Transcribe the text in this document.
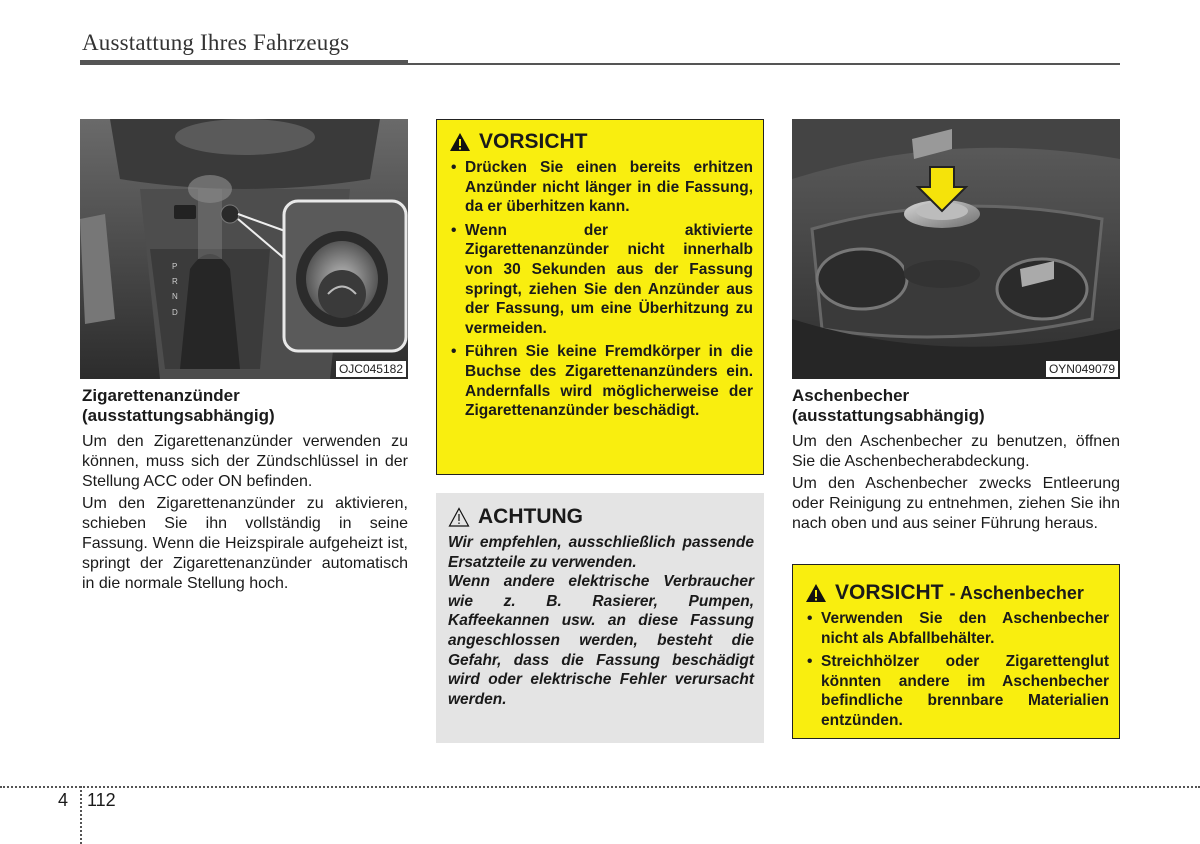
Ausstattung Ihres Fahrzeugs
P
R
N
D
OJC045182
Zigarettenanzünder
(ausstattungsabhängig)
Um den Zigarettenanzünder verwenden zu können, muss sich der Zündschlüssel in der Stellung ACC oder ON befinden.
Um den Zigarettenanzünder zu aktivieren, schieben Sie ihn vollständig in seine Fassung. Wenn die Heizspirale aufgeheizt ist, springt der Zigarettenanzünder automatisch in die normale Stellung hoch.
VORSICHT
• Drücken Sie einen bereits erhitzen Anzünder nicht länger in die Fassung, da er überhitzen kann.
• Wenn der aktivierte Zigarettenanzünder nicht innerhalb von 30 Sekunden aus der Fassung springt, ziehen Sie den Anzünder aus der Fassung, um eine Überhitzung zu vermeiden.
• Führen Sie keine Fremdkörper in die Buchse des Zigarettenanzünders ein. Andernfalls wird möglicherweise der Zigarettenanzünder beschädigt.
ACHTUNG
Wir empfehlen, ausschließlich passende Ersatzteile zu verwenden.
Wenn andere elektrische Verbraucher wie z. B. Rasierer, Pumpen, Kaffeekannen usw. an diese Fassung angeschlossen werden, besteht die Gefahr, dass die Fassung beschädigt wird oder elektrische Fehler verursacht werden.
OYN049079
Aschenbecher
(ausstattungsabhängig)
Um den Aschenbecher zu benutzen, öffnen Sie die Aschenbecherabdeckung.
Um den Aschenbecher zwecks Entleerung oder Reinigung zu entnehmen, ziehen Sie ihn nach oben und aus seiner Führung heraus.
VORSICHT - Aschenbecher
• Verwenden Sie den Aschenbecher nicht als Abfallbehälter.
• Streichhölzer oder Zigarettenglut könnten andere im Aschenbecher befindliche brennbare Materialien entzünden.
4 112
